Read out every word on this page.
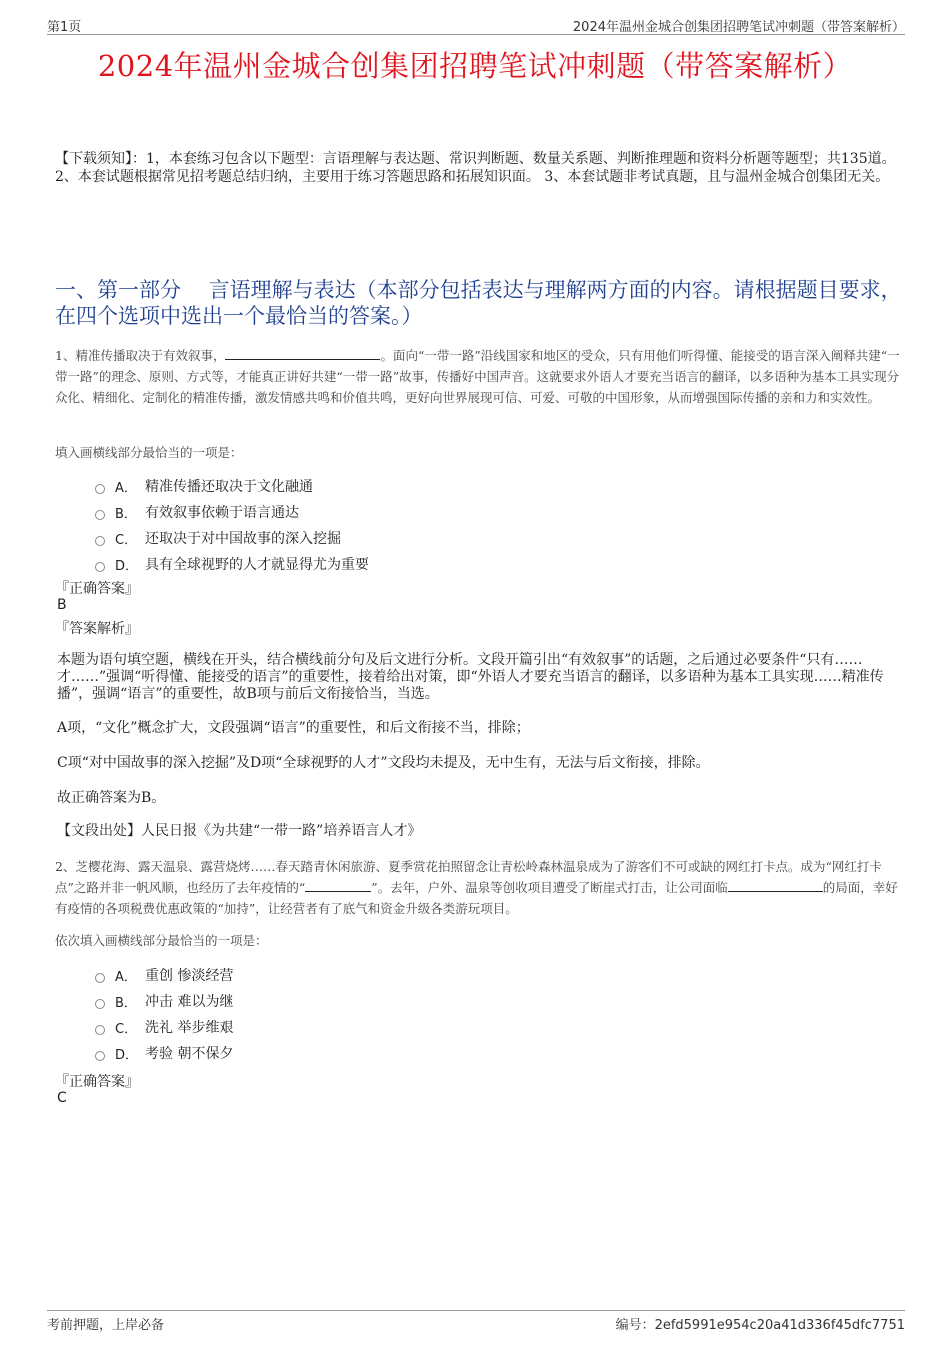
第1页	2024年温州金城合创集团招聘笔试冲刺题（带答案解析）
2024年温州金城合创集团招聘笔试冲刺题（带答案解析）
【下载须知】：1，本套练习包含以下题型：言语理解与表达题、常识判断题、数量关系题、判断推理题和资料分析题等题型；共135道。 2、本套试题根据常见招考题总结归纳，主要用于练习答题思路和拓展知识面。 3、本套试题非考试真题，且与温州金城合创集团无关。
一、第一部分　 言语理解与表达（本部分包括表达与理解两方面的内容。请根据题目要求，在四个选项中选出一个最恰当的答案。）
1、精准传播取决于有效叙事，	。面向“一带一路”沿线国家和地区的受众，只有用他们听得懂、能接受的语言深入阐释共建“一带一路”的理念、原则、方式等，才能真正讲好共建“一带一路”故事，传播好中国声音。这就要求外语人才要充当语言的翻译，以多语种为基本工具实现分众化、精细化、定制化的精准传播，激发情感共鸣和价值共鸣，更好向世界展现可信、可爱、可敬的中国形象，从而增强国际传播的亲和力和实效性。
填入画横线部分最恰当的一项是：
A． 精准传播还取决于文化融通
B． 有效叙事依赖于语言通达
C． 还取决于对中国故事的深入挖掘
D． 具有全球视野的人才就显得尤为重要
『正确答案』
B
『答案解析』
本题为语句填空题，横线在开头，结合横线前分句及后文进行分析。文段开篇引出“有效叙事”的话题，之后通过必要条件“只有……才……”强调“听得懂、能接受的语言”的重要性，接着给出对策，即“外语人才要充当语言的翻译，以多语种为基本工具实现……精准传播”，强调“语言”的重要性，故B项与前后文衔接恰当，当选。
A项，“文化”概念扩大，文段强调“语言”的重要性，和后文衔接不当，排除；
C项“对中国故事的深入挖掘”及D项“全球视野的人才”文段均未提及，无中生有，无法与后文衔接，排除。
故正确答案为B。
【文段出处】人民日报《为共建“一带一路”培养语言人才》
2、芝樱花海、露天温泉、露营烧烤……春天踏青休闲旅游、夏季赏花拍照留念让青松岭森林温泉成为了游客们不可或缺的网红打卡点。成为“网红打卡点”之路并非一帆风顺，也经历了去年疫情的“	”。去年，户外、温泉等创收项目遭受了断崖式打击，让公司面临	的局面，幸好有疫情的各项税费优惠政策的“加持”，让经营者有了底气和资金升级各类游玩项目。
依次填入画横线部分最恰当的一项是：
A． 重创 惨淡经营
B． 冲击 难以为继
C． 洗礼 举步维艰
D． 考验 朝不保夕
『正确答案』
C
考前押题，上岸必备	编号：2efd5991e954c20a41d336f45dfc7751
